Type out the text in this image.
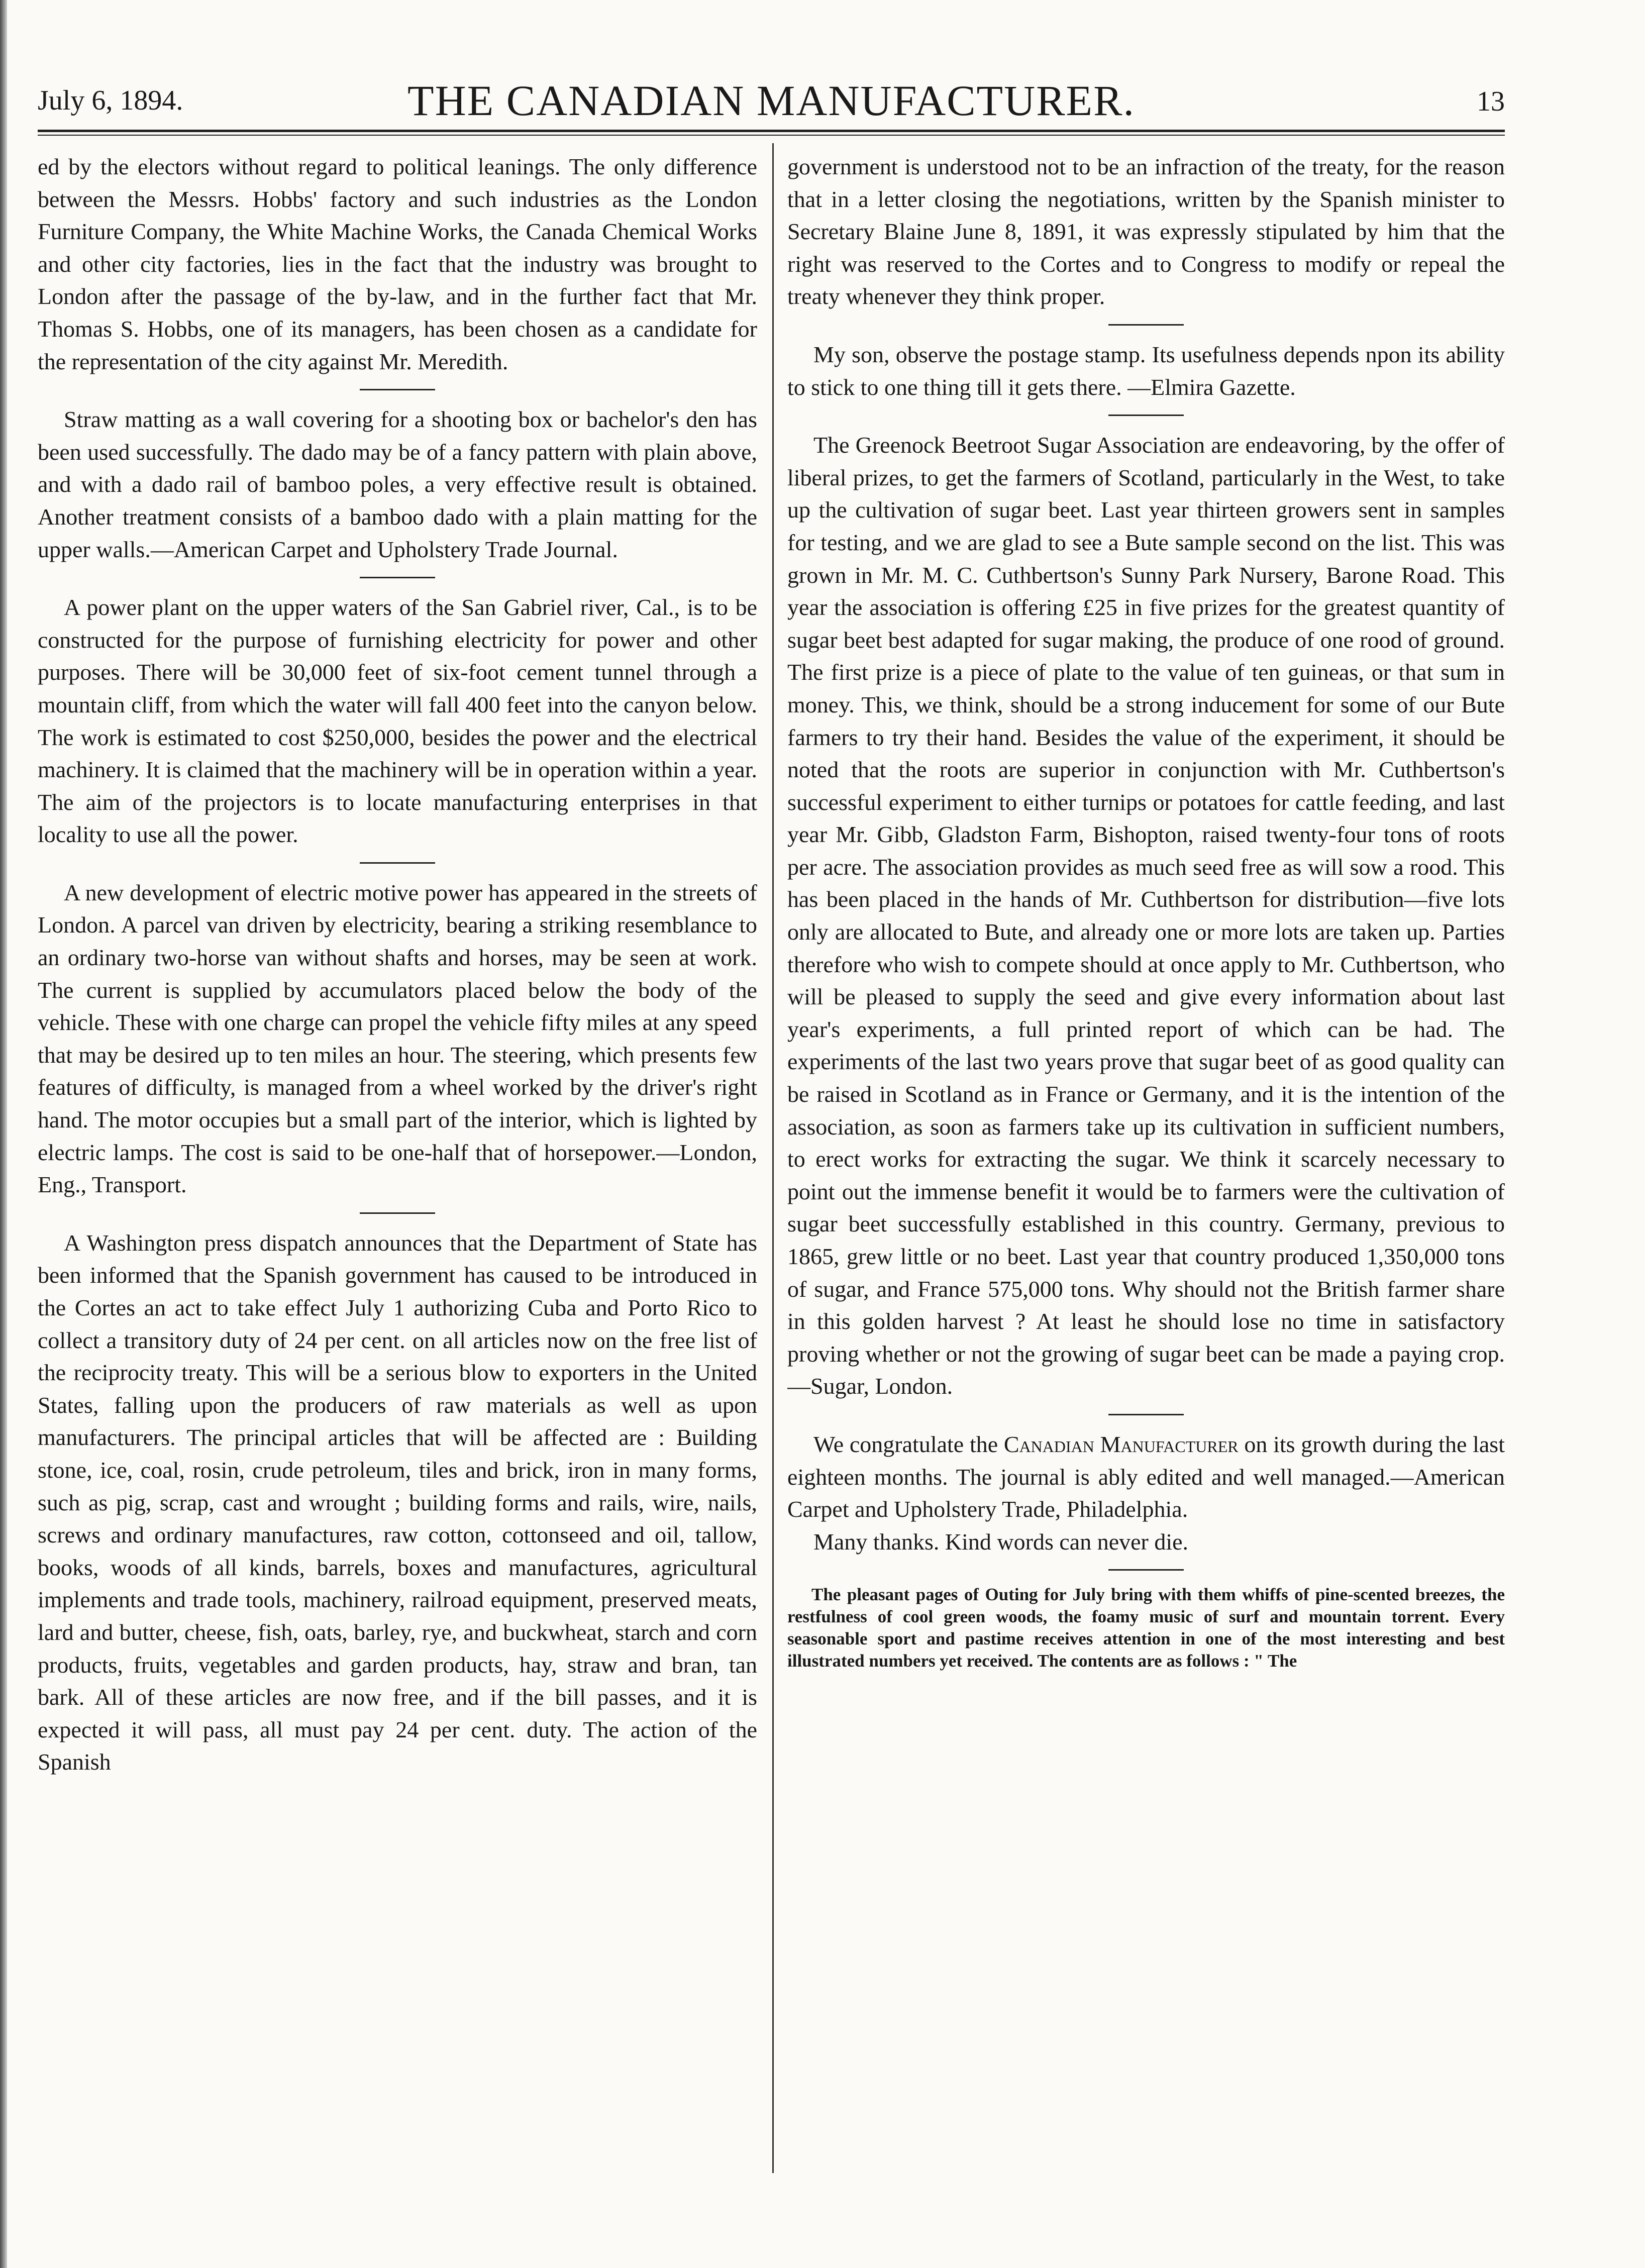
July 6, 1894.	THE CANADIAN MANUFACTURER.	13

ed by the electors without regard to political leanings. The only difference between the Messrs. Hobbs' factory and such industries as the London Furniture Company, the White Machine Works, the Canada Chemical Works and other city factories, lies in the fact that the industry was brought to London after the passage of the by-law, and in the further fact that Mr. Thomas S. Hobbs, one of its managers, has been chosen as a candidate for the representation of the city against Mr. Meredith.

Straw matting as a wall covering for a shooting box or bachelor's den has been used successfully. The dado may be of a fancy pattern with plain above, and with a dado rail of bamboo poles, a very effective result is obtained. Another treatment consists of a bamboo dado with a plain matting for the upper walls.—American Carpet and Upholstery Trade Journal.

A power plant on the upper waters of the San Gabriel river, Cal., is to be constructed for the purpose of furnishing electricity for power and other purposes. There will be 30,000 feet of six-foot cement tunnel through a mountain cliff, from which the water will fall 400 feet into the canyon below. The work is estimated to cost $250,000, besides the power and the electrical machinery. It is claimed that the machinery will be in operation within a year. The aim of the projectors is to locate manufacturing enterprises in that locality to use all the power.

A new development of electric motive power has appeared in the streets of London. A parcel van driven by electricity, bearing a striking resemblance to an ordinary two-horse van without shafts and horses, may be seen at work. The current is supplied by accumulators placed below the body of the vehicle. These with one charge can propel the vehicle fifty miles at any speed that may be desired up to ten miles an hour. The steering, which presents few features of difficulty, is managed from a wheel worked by the driver's right hand. The motor occupies but a small part of the interior, which is lighted by electric lamps. The cost is said to be one-half that of horsepower.—London, Eng., Transport.

A Washington press dispatch announces that the Department of State has been informed that the Spanish government has caused to be introduced in the Cortes an act to take effect July 1 authorizing Cuba and Porto Rico to collect a transitory duty of 24 per cent. on all articles now on the free list of the reciprocity treaty. This will be a serious blow to exporters in the United States, falling upon the producers of raw materials as well as upon manufacturers. The principal articles that will be affected are : Building stone, ice, coal, rosin, crude petroleum, tiles and brick, iron in many forms, such as pig, scrap, cast and wrought ; building forms and rails, wire, nails, screws and ordinary manufactures, raw cotton, cottonseed and oil, tallow, books, woods of all kinds, barrels, boxes and manufactures, agricultural implements and trade tools, machinery, railroad equipment, preserved meats, lard and butter, cheese, fish, oats, barley, rye, and buckwheat, starch and corn products, fruits, vegetables and garden products, hay, straw and bran, tan bark. All of these articles are now free, and if the bill passes, and it is expected it will pass, all must pay 24 per cent. duty. The action of the Spanish

government is understood not to be an infraction of the treaty, for the reason that in a letter closing the negotiations, written by the Spanish minister to Secretary Blaine June 8, 1891, it was expressly stipulated by him that the right was reserved to the Cortes and to Congress to modify or repeal the treaty whenever they think proper.

My son, observe the postage stamp. Its usefulness depends npon its ability to stick to one thing till it gets there. —Elmira Gazette.

The Greenock Beetroot Sugar Association are endeavoring, by the offer of liberal prizes, to get the farmers of Scotland, particularly in the West, to take up the cultivation of sugar beet. Last year thirteen growers sent in samples for testing, and we are glad to see a Bute sample second on the list. This was grown in Mr. M. C. Cuthbertson's Sunny Park Nursery, Barone Road. This year the association is offering £25 in five prizes for the greatest quantity of sugar beet best adapted for sugar making, the produce of one rood of ground. The first prize is a piece of plate to the value of ten guineas, or that sum in money. This, we think, should be a strong inducement for some of our Bute farmers to try their hand. Besides the value of the experiment, it should be noted that the roots are superior in conjunction with Mr. Cuthbertson's successful experiment to either turnips or potatoes for cattle feeding, and last year Mr. Gibb, Gladston Farm, Bishopton, raised twenty-four tons of roots per acre. The association provides as much seed free as will sow a rood. This has been placed in the hands of Mr. Cuthbertson for distribution—five lots only are allocated to Bute, and already one or more lots are taken up. Parties therefore who wish to compete should at once apply to Mr. Cuthbertson, who will be pleased to supply the seed and give every information about last year's experiments, a full printed report of which can be had. The experiments of the last two years prove that sugar beet of as good quality can be raised in Scotland as in France or Germany, and it is the intention of the association, as soon as farmers take up its cultivation in sufficient numbers, to erect works for extracting the sugar. We think it scarcely necessary to point out the immense benefit it would be to farmers were the cultivation of sugar beet successfully established in this country. Germany, previous to 1865, grew little or no beet. Last year that country produced 1,350,000 tons of sugar, and France 575,000 tons. Why should not the British farmer share in this golden harvest ? At least he should lose no time in satisfactory proving whether or not the growing of sugar beet can be made a paying crop.—Sugar, London.

We congratulate the Canadian Manufacturer on its growth during the last eighteen months. The journal is ably edited and well managed.—American Carpet and Upholstery Trade, Philadelphia.

Many thanks. Kind words can never die.

The pleasant pages of Outing for July bring with them whiffs of pine-scented breezes, the restfulness of cool green woods, the foamy music of surf and mountain torrent. Every seasonable sport and pastime receives attention in one of the most interesting and best illustrated numbers yet received. The contents are as follows : " The
